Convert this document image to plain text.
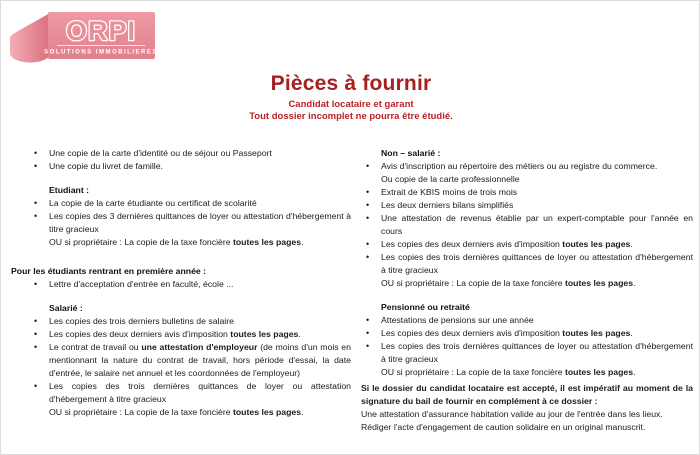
ORPI
SOLUTIONS IMMOBILIERES
Pièces à fournir
Candidat locataire et garant
Tout dossier incomplet ne pourra être étudié.
• Une copie de la carte d'identité ou de séjour ou Passeport
• Une copie du livret de famille.
Etudiant :
• La copie de la carte étudiante ou certificat de scolarité
• Les copies des 3 dernières quittances de loyer ou attestation d'hébergement à titre gracieux
OU si propriétaire : La copie de la taxe foncière toutes les pages.
Pour les étudiants rentrant en première année :
• Lettre d'acceptation d'entrée en faculté, école ...
Salarié :
• Les copies des trois derniers bulletins de salaire
• Les copies des deux derniers avis d'imposition toutes les pages.
• Le contrat de travail ou une attestation d'employeur (de moins d'un mois en mentionnant la nature du contrat de travail, hors période d'essai, la date d'entrée, le salaire net annuel et les coordonnées de l'employeur)
• Les copies des trois dernières quittances de loyer ou attestation d'hébergement à titre gracieux
OU si propriétaire : La copie de la taxe foncière toutes les pages.
Non – salarié :
• Avis d'inscription au répertoire des métiers ou au registre du commerce.
Ou copie de la carte professionnelle
• Extrait de KBIS moins de trois mois
• Les deux derniers bilans simplifiés
• Une attestation de revenus établie par un expert-comptable pour l'année en cours
• Les copies des deux derniers avis d'imposition toutes les pages.
• Les copies des trois dernières quittances de loyer ou attestation d'hébergement à titre gracieux
OU si propriétaire : La copie de la taxe foncière toutes les pages.
Pensionné ou retraité
• Attestations de pensions sur une année
• Les copies des deux derniers avis d'imposition toutes les pages.
• Les copies des trois dernières quittances de loyer ou attestation d'hébergement à titre gracieux
OU si propriétaire : La copie de la taxe foncière toutes les pages.
Si le dossier du candidat locataire est accepté, il est impératif au moment de la signature du bail de fournir en complément à ce dossier :
Une attestation d'assurance habitation valide au jour de l'entrée dans les lieux.
Rédiger l'acte d'engagement de caution solidaire en un original manuscrit.
